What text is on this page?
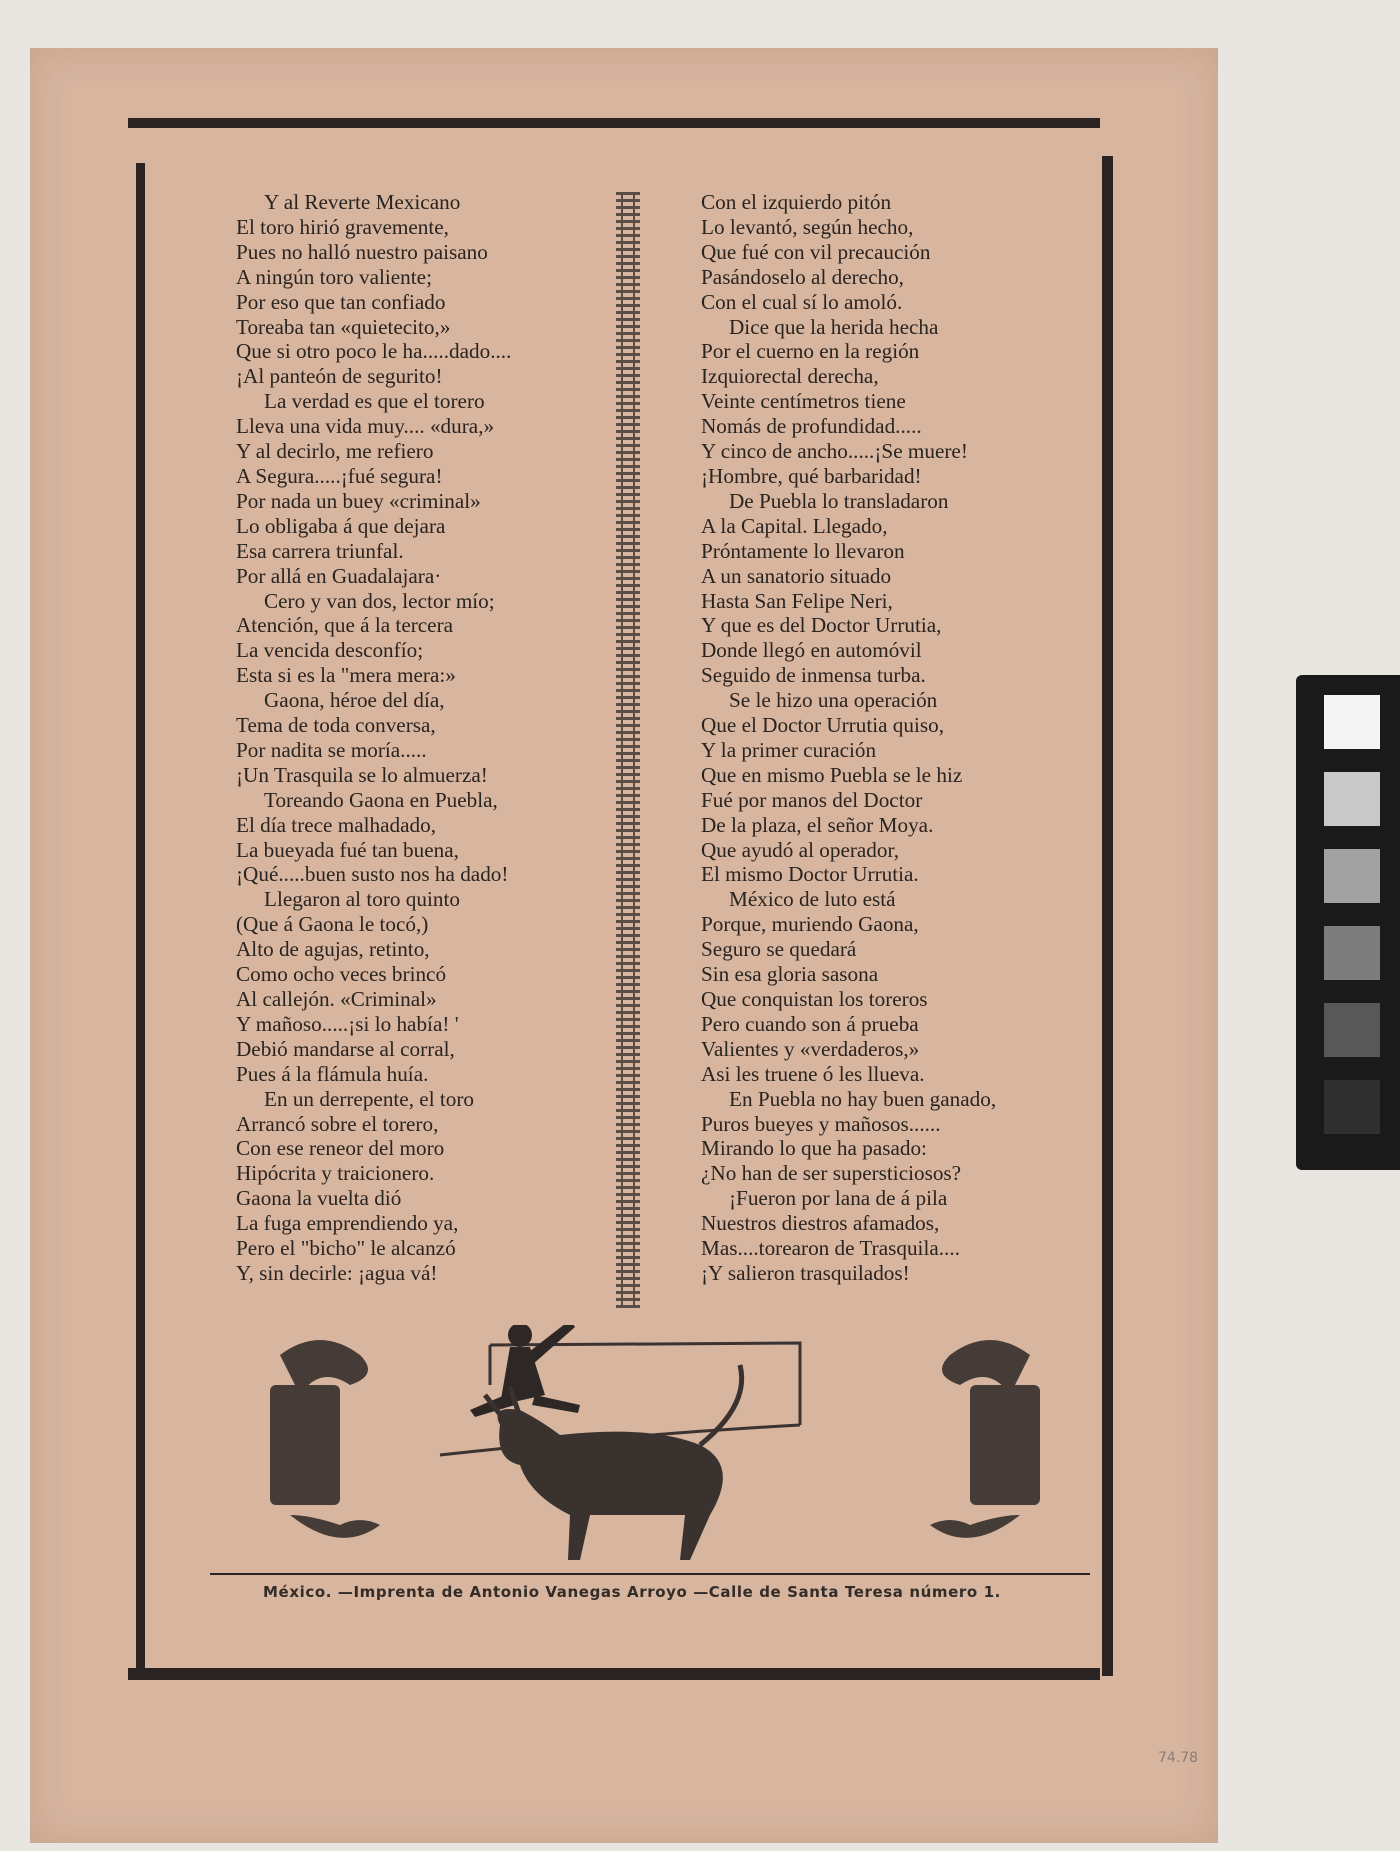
Y al Reverte Mexicano
El toro hirió gravemente,
Pues no halló nuestro paisano
A ningún toro valiente;
Por eso que tan confiado
Toreaba tan «quietecito,»
Que si otro poco le ha.....dado....
¡Al panteón de segurito!
La verdad es que el torero
Lleva una vida muy.... «dura,»
Y al decirlo, me refiero
A Segura.....¡fué segura!
Por nada un buey «criminal»
Lo obligaba á que dejara
Esa carrera triunfal.
Por allá en Guadalajara·
Cero y van dos, lector mío;
Atención, que á la tercera
La vencida desconfío;
Esta si es la "mera mera:»
Gaona, héroe del día,
Tema de toda conversa,
Por nadita se moría.....
¡Un Trasquila se lo almuerza!
Toreando Gaona en Puebla,
El día trece malhadado,
La bueyada fué tan buena,
¡Qué.....buen susto nos ha dado!
Llegaron al toro quinto
(Que á Gaona le tocó,)
Alto de agujas, retinto,
Como ocho veces brincó
Al callejón. «Criminal»
Y mañoso.....¡si lo había! '
Debió mandarse al corral,
Pues á la flámula huía.
En un derrepente, el toro
Arrancó sobre el torero,
Con ese reneor del moro
Hipócrita y traicionero.
Gaona la vuelta dió
La fuga emprendiendo ya,
Pero el "bicho" le alcanzó
Y, sin decirle: ¡agua vá!
Con el izquierdo pitón
Lo levantó, según hecho,
Que fué con vil precaución
Pasándoselo al derecho,
Con el cual sí lo amoló.
Dice que la herida hecha
Por el cuerno en la región
Izquiorectal derecha,
Veinte centímetros tiene
Nomás de profundidad.....
Y cinco de ancho.....¡Se muere!
¡Hombre, qué barbaridad!
De Puebla lo transladaron
A la Capital. Llegado,
Próntamente lo llevaron
A un sanatorio situado
Hasta San Felipe Neri,
Y que es del Doctor Urrutia,
Donde llegó en automóvil
Seguido de inmensa turba.
Se le hizo una operación
Que el Doctor Urrutia quiso,
Y la primer curación
Que en mismo Puebla se le hiz
Fué por manos del Doctor
De la plaza, el señor Moya.
Que ayudó al operador,
El mismo Doctor Urrutia.
México de luto está
Porque, muriendo Gaona,
Seguro se quedará
Sin esa gloria sasona
Que conquistan los toreros
Pero cuando son á prueba
Valientes y «verdaderos,»
Asi les truene ó les llueva.
En Puebla no hay buen ganado,
Puros bueyes y mañosos......
Mirando lo que ha pasado:
¿No han de ser supersticiosos?
¡Fueron por lana de á pila
Nuestros diestros afamados,
Mas....torearon de Trasquila....
¡Y salieron trasquilados!
México. —Imprenta de Antonio Vanegas Arroyo —Calle de Santa Teresa número 1.
74.78
